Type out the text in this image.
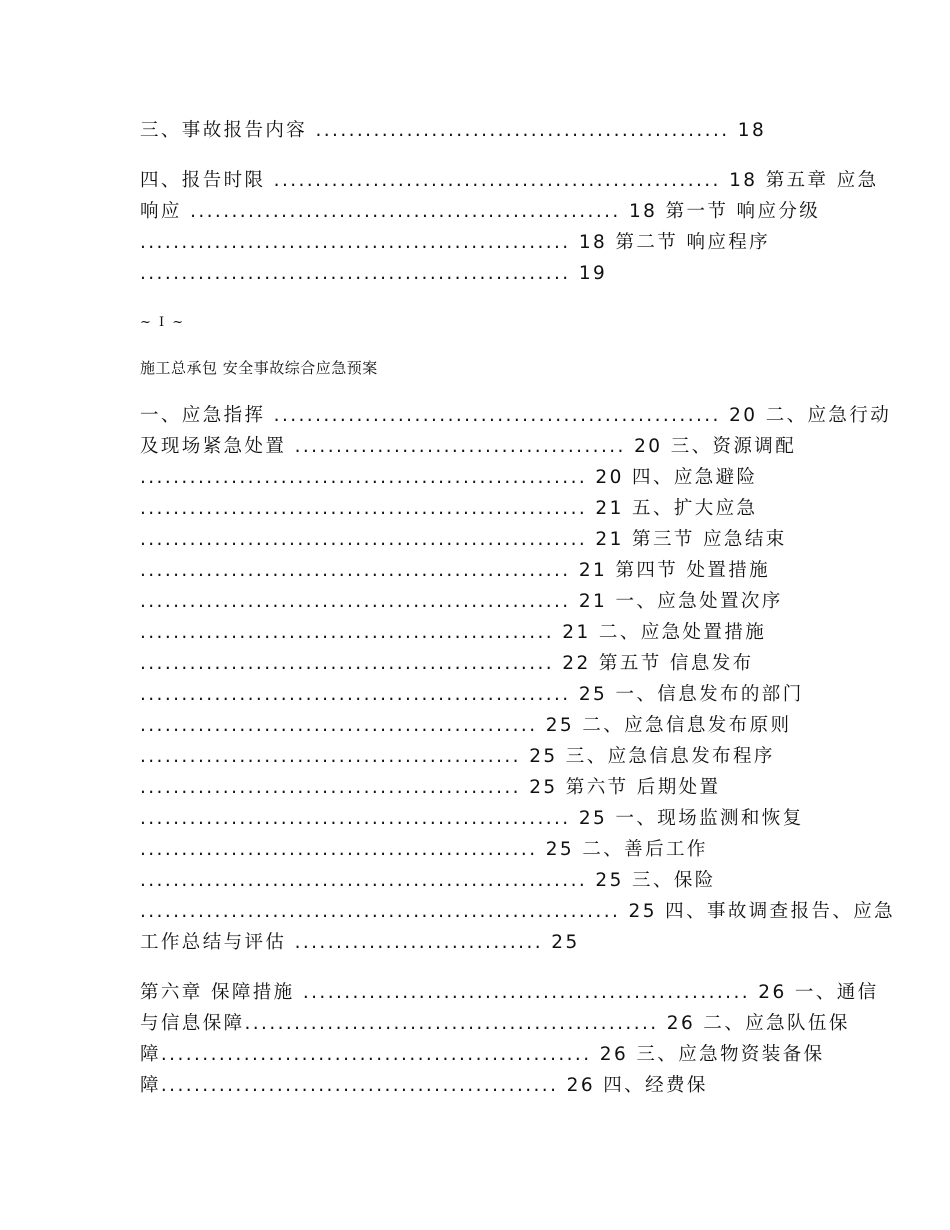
三、事故报告内容 .................................................. 18
四、报告时限 ...................................................... 18 第五章 应急
响应 .................................................... 18 第一节 响应分级
.................................................... 18 第二节 响应程序
.................................................... 19
~ I ~
施工总承包 安全事故综合应急预案
一、应急指挥 ...................................................... 20 二、应急行动
及现场紧急处置 ........................................ 20 三、资源调配
...................................................... 20 四、应急避险
...................................................... 21 五、扩大应急
...................................................... 21 第三节 应急结束
.................................................... 21 第四节 处置措施
.................................................... 21 一、应急处置次序
.................................................. 21 二、应急处置措施
.................................................. 22 第五节 信息发布
.................................................... 25 一、信息发布的部门
................................................ 25 二、应急信息发布原则
.............................................. 25 三、应急信息发布程序
.............................................. 25 第六节 后期处置
.................................................... 25 一、现场监测和恢复
................................................ 25 二、善后工作
...................................................... 25 三、保险
.......................................................... 25 四、事故调查报告、应急
工作总结与评估 .............................. 25
第六章 保障措施 ...................................................... 26 一、通信
与信息保障.................................................. 26 二、应急队伍保
障.................................................... 26 三、应急物资装备保
障................................................ 26 四、经费保
